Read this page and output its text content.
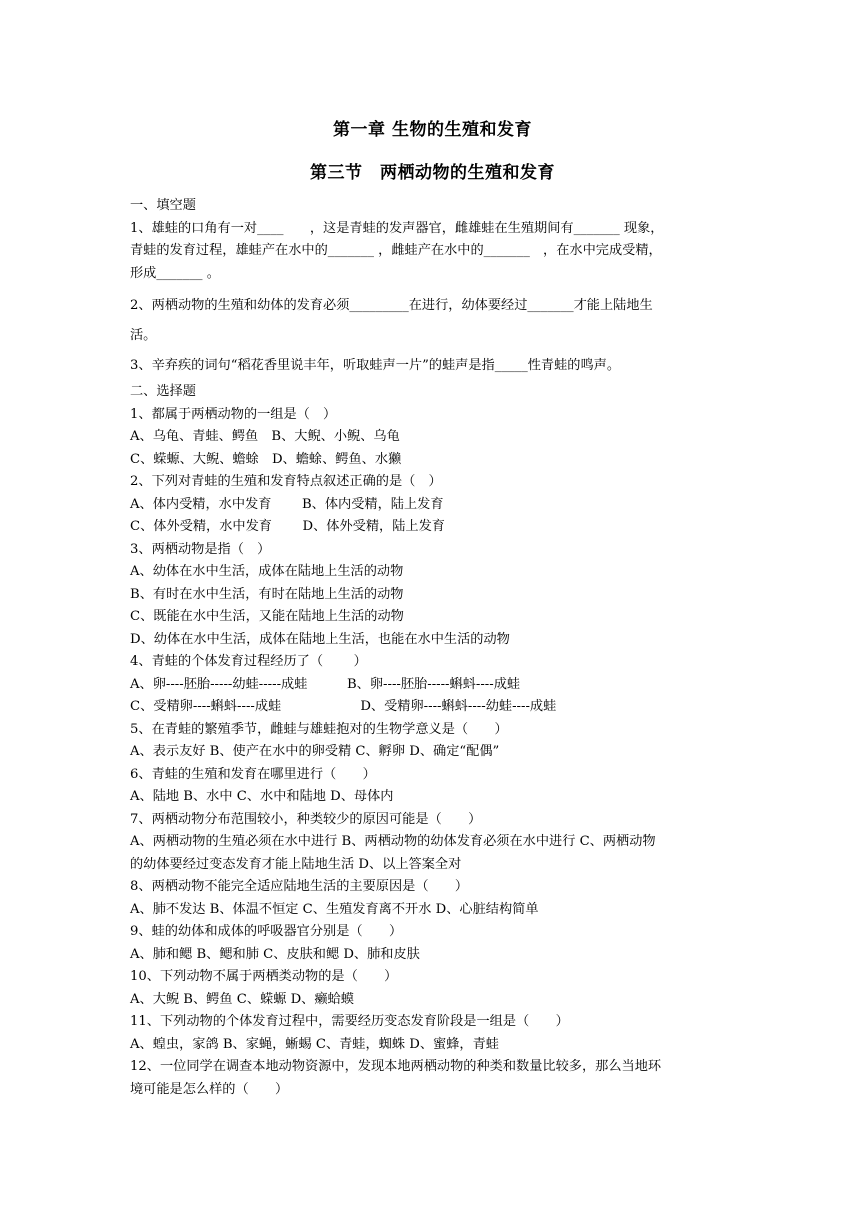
第一章 生物的生殖和发育
第三节　两栖动物的生殖和发育
一、填空题
1、雄蛙的口角有一对____　　，这是青蛙的发声器官，雌雄蛙在生殖期间有_______ 现象，
青蛙的发育过程，雄蛙产在水中的_______ ，雌蛙产在水中的_______　，在水中完成受精，
形成_______ 。
2、两栖动物的生殖和幼体的发育必须_________在进行，幼体要经过_______才能上陆地生
活。
3、辛弃疾的词句“稻花香里说丰年，听取蛙声一片”的蛙声是指_____性青蛙的鸣声。
二、选择题
1、都属于两栖动物的一组是（　）
A、乌龟、青蛙、鳄鱼　B、大鲵、小鲵、乌龟
C、蝾螈、大鲵、蟾蜍　D、蟾蜍、鳄鱼、水獭
2、下列对青蛙的生殖和发育特点叙述正确的是（　）
A、体内受精，水中发育　　 B、体内受精，陆上发育
C、体外受精，水中发育　　 D、体外受精，陆上发育
3、两栖动物是指（　）
A、幼体在水中生活，成体在陆地上生活的动物
B、有时在水中生活，有时在陆地上生活的动物
C、既能在水中生活，又能在陆地上生活的动物
D、幼体在水中生活，成体在陆地上生活，也能在水中生活的动物
4、青蛙的个体发育过程经历了（　　 ）
A、卵----胚胎-----幼蛙-----成蛙　　　B、卵----胚胎-----蝌蚪----成蛙
C、受精卵----蝌蚪----成蛙　　　　　　D、受精卵----蝌蚪----幼蛙----成蛙
5、在青蛙的繁殖季节，雌蛙与雄蛙抱对的生物学意义是（　　）
A、表示友好 B、使产在水中的卵受精 C、孵卵 D、确定“配偶”
6、青蛙的生殖和发育在哪里进行（　　）
A、陆地 B、水中 C、水中和陆地 D、母体内
7、两栖动物分布范围较小，种类较少的原因可能是（　　）
A、两栖动物的生殖必须在水中进行 B、两栖动物的幼体发育必须在水中进行 C、两栖动物
的幼体要经过变态发育才能上陆地生活 D、以上答案全对
8、两栖动物不能完全适应陆地生活的主要原因是（　　）
A、肺不发达 B、体温不恒定 C、生殖发育离不开水 D、心脏结构简单
9、蛙的幼体和成体的呼吸器官分别是（　　）
A、肺和鳃 B、鳃和肺 C、皮肤和鳃 D、肺和皮肤
10、下列动物不属于两栖类动物的是（　　）
A、大鲵 B、鳄鱼 C、蝾螈 D、癞蛤蟆
11、下列动物的个体发育过程中，需要经历变态发育阶段是一组是（　　）
A、蝗虫，家鸽 B、家蝇，蜥蜴 C、青蛙，蜘蛛 D、蜜蜂，青蛙
12、一位同学在调查本地动物资源中，发现本地两栖动物的种类和数量比较多，那么当地环
境可能是怎么样的（　　）
